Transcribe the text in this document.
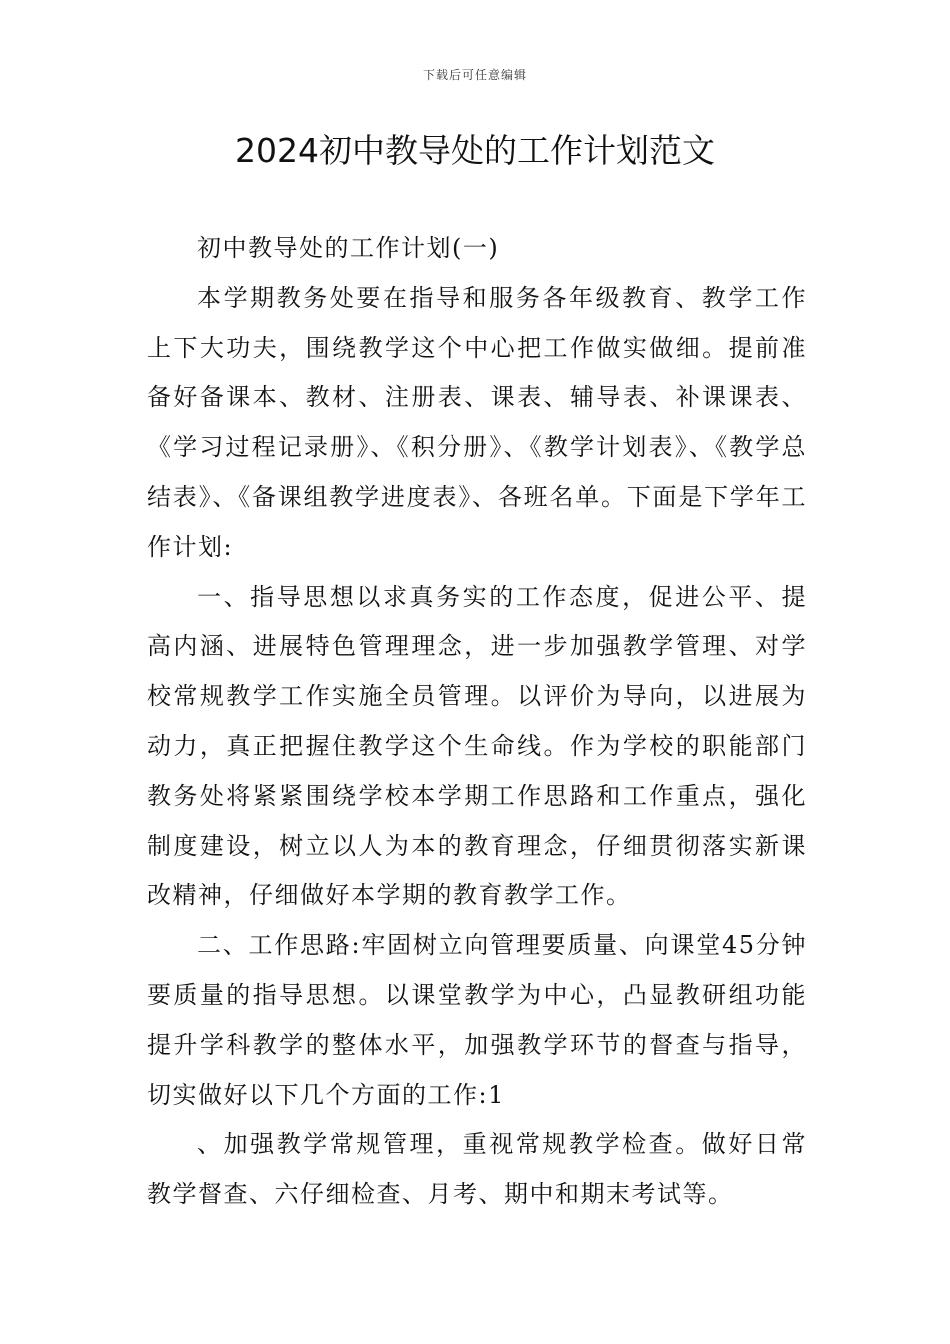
下载后可任意编辑
2024初中教导处的工作计划范文

初中教导处的工作计划(一)

本学期教务处要在指导和服务各年级教育、教学工作上下大功夫，围绕教学这个中心把工作做实做细。提前准备好备课本、教材、注册表、课表、辅导表、补课课表、《学习过程记录册》、《积分册》、《教学计划表》、《教学总结表》、《备课组教学进度表》、各班名单。下面是下学年工作计划:

一、指导思想以求真务实的工作态度，促进公平、提高内涵、进展特色管理理念，进一步加强教学管理、对学校常规教学工作实施全员管理。以评价为导向，以进展为动力，真正把握住教学这个生命线。作为学校的职能部门教务处将紧紧围绕学校本学期工作思路和工作重点，强化制度建设，树立以人为本的教育理念，仔细贯彻落实新课改精神，仔细做好本学期的教育教学工作。

二、工作思路:牢固树立向管理要质量、向课堂45分钟要质量的指导思想。以课堂教学为中心，凸显教研组功能提升学科教学的整体水平，加强教学环节的督查与指导，切实做好以下几个方面的工作:1

、加强教学常规管理，重视常规教学检查。做好日常教学督查、六仔细检查、月考、期中和期末考试等。
